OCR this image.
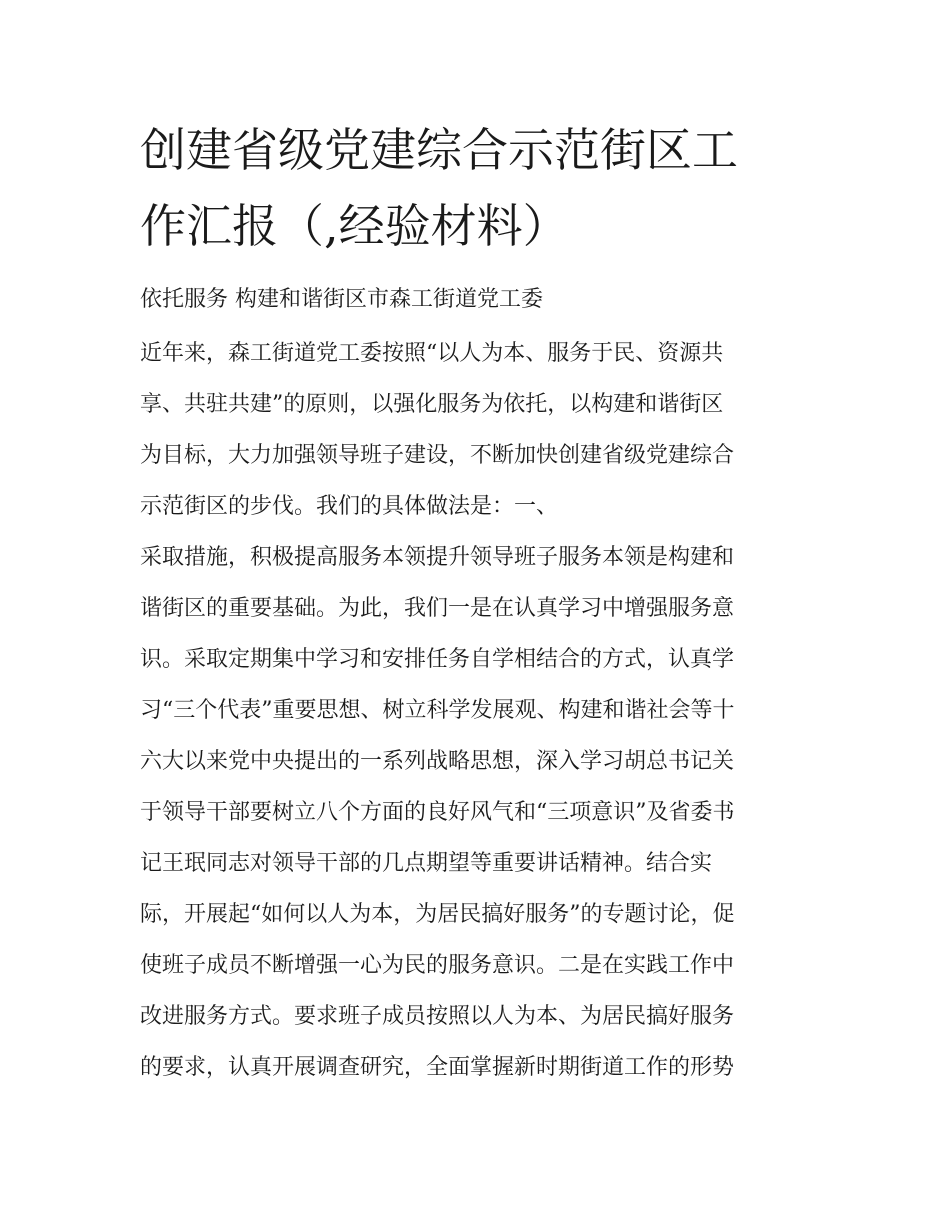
创建省级党建综合示范街区工
作汇报（,经验材料）

依托服务 构建和谐街区市森工街道党工委

近年来，森工街道党工委按照“以人为本、服务于民、资源共
享、共驻共建”的原则，以强化服务为依托，以构建和谐街区
为目标，大力加强领导班子建设，不断加快创建省级党建综合
示范街区的步伐。我们的具体做法是：一、
采取措施，积极提高服务本领提升领导班子服务本领是构建和
谐街区的重要基础。为此，我们一是在认真学习中增强服务意
识。采取定期集中学习和安排任务自学相结合的方式，认真学
习“三个代表”重要思想、树立科学发展观、构建和谐社会等十
六大以来党中央提出的一系列战略思想，深入学习胡总书记关
于领导干部要树立八个方面的良好风气和“三项意识”及省委书
记王珉同志对领导干部的几点期望等重要讲话精神。结合实
际，开展起“如何以人为本，为居民搞好服务”的专题讨论，促
使班子成员不断增强一心为民的服务意识。二是在实践工作中
改进服务方式。要求班子成员按照以人为本、为居民搞好服务
的要求，认真开展调查研究，全面掌握新时期街道工作的形势
